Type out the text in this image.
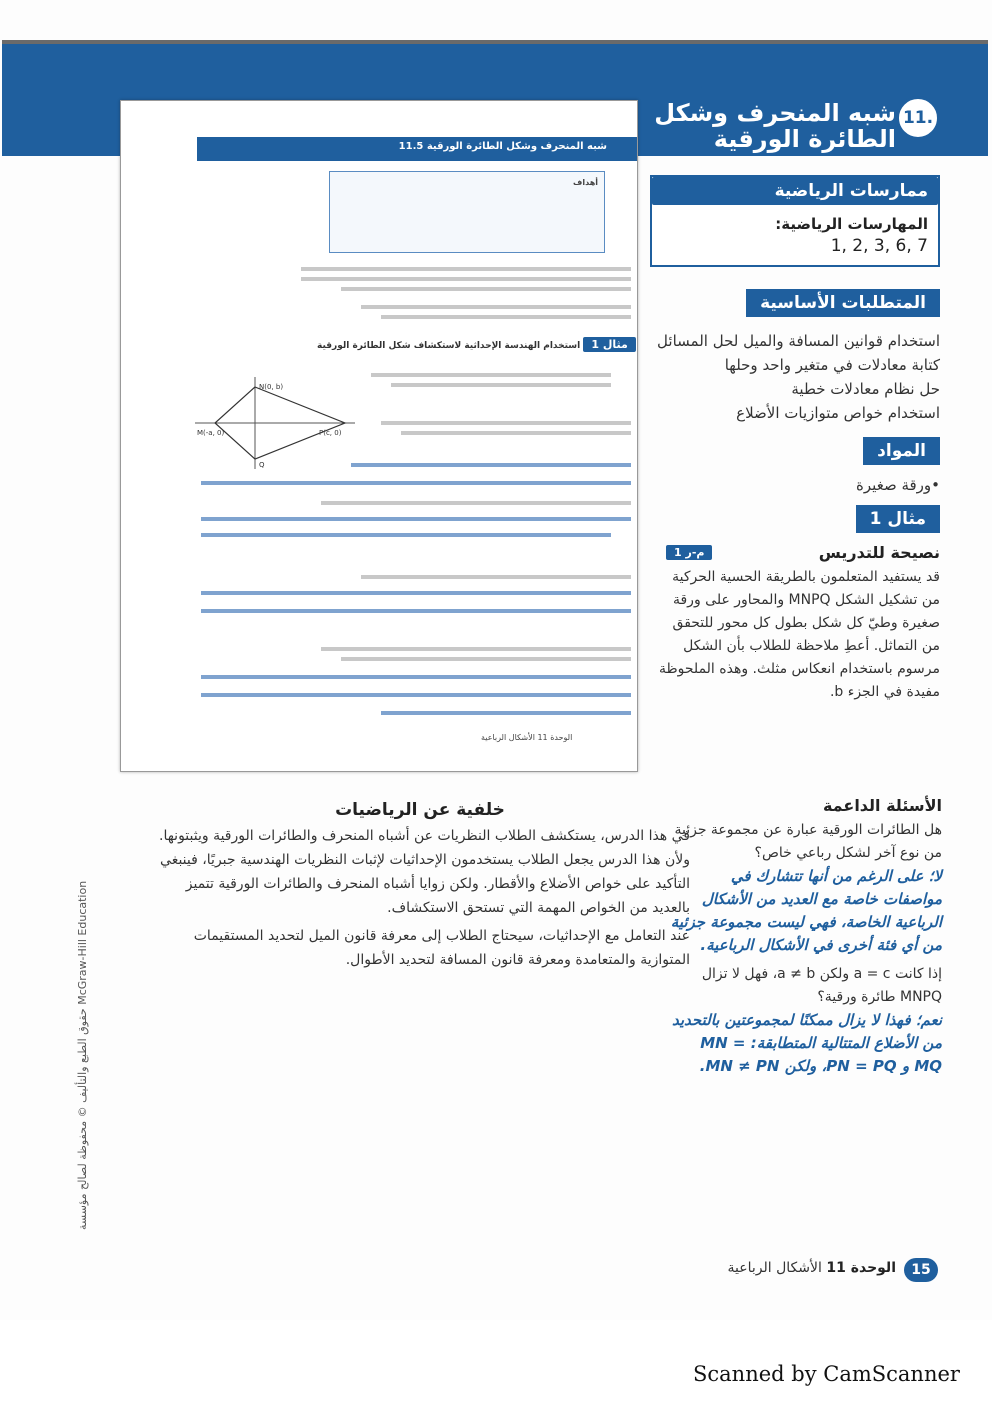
11.
شبه المنحرف وشكل الطائرة الورقية
شبه المنحرف وشكل الطائرة الورقية 11.5
أهداف
مثال 1 استخدام الهندسة الإحداثية لاستكشاف شكل الطائرة الورقية
N(0, b)
M(-a, 0)	P(c, 0)
Q
الوحدة 11 الأشكال الرباعية
ممارسات الرياضية
المهارسات الرياضية:
1, 2, 3, 6, 7
المتطلبات الأساسية
استخدام قوانين المسافة والميل لحل المسائل
كتابة معادلات في متغير واحد وحلها
حل نظام معادلات خطية
استخدام خواص متوازيات الأضلاع
المواد
•ورقة صغيرة
مثال 1
نصيحة للتدريس
م-ر 1
قد يستفيد المتعلمون بالطريقة الحسية الحركية من تشكيل الشكل MNPQ والمحاور على ورقة صغيرة وطيّ كل شكل بطول كل محور للتحقق من التماثل. أعطِ ملاحظة للطلاب بأن الشكل مرسوم باستخدام انعكاس مثلث. وهذه الملحوظة مفيدة في الجزء b.
الأسئلة الداعمة
هل الطائرات الورقية عبارة عن مجموعة جزئية من نوع آخر لشكل رباعي خاص؟
لا؛ على الرغم من أنها تتشارك في مواصفات خاصة مع العديد من الأشكال الرباعية الخاصة، فهي ليست مجموعة جزئية من أي فئة أخرى في الأشكال الرباعية.
إذا كانت a = c ولكن a ≠ b، فهل لا تزال MNPQ طائرة ورقية؟
نعم؛ فهذا لا يزال ممكنًا لمجموعتين بالتحديد من الأضلاع المتتالية المتطابقة: MN = MQ و PN = PQ، ولكن MN ≠ PN.
خلفية عن الرياضيات
في هذا الدرس، يستكشف الطلاب النظريات عن أشباه المنحرف والطائرات الورقية ويثبتونها. ولأن هذا الدرس يجعل الطلاب يستخدمون الإحداثيات لإثبات النظريات الهندسية جبريًا، فينبغي التأكيد على خواص الأضلاع والأقطار. ولكن زوايا أشباه المنحرف والطائرات الورقية تتميز بالعديد من الخواص المهمة التي تستحق الاستكشاف.
عند التعامل مع الإحداثيات، سيحتاج الطلاب إلى معرفة قانون الميل لتحديد المستقيمات المتوازية والمتعامدة ومعرفة قانون المسافة لتحديد الأطوال.
حقوق الطبع والتأليف © محفوظة لصالح مؤسسة McGraw-Hill Education
15
الوحدة 11 الأشكال الرباعية
Scanned by CamScanner
